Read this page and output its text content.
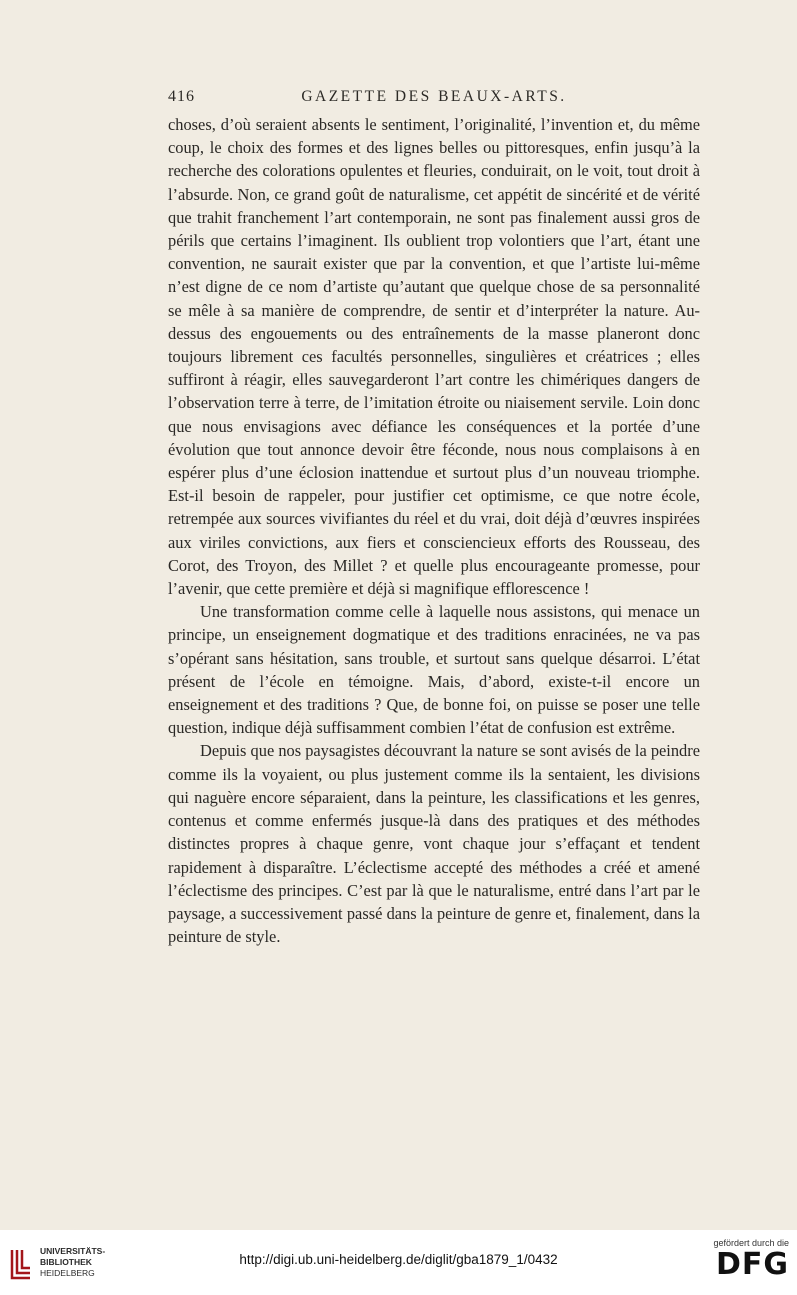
416	GAZETTE DES BEAUX-ARTS.

choses, d’où seraient absents le sentiment, l’originalité, l’invention et, du même coup, le choix des formes et des lignes belles ou pittoresques, enfin jusqu’à la recherche des colorations opulentes et fleuries, conduirait, on le voit, tout droit à l’absurde. Non, ce grand goût de naturalisme, cet appétit de sincérité et de vérité que trahit franchement l’art contemporain, ne sont pas finalement aussi gros de périls que certains l’imaginent. Ils oublient trop volontiers que l’art, étant une convention, ne saurait exister que par la convention, et que l’artiste lui-même n’est digne de ce nom d’artiste qu’autant que quelque chose de sa personnalité se mêle à sa manière de comprendre, de sentir et d’interpréter la nature. Au-dessus des engouements ou des entraînements de la masse planeront donc toujours librement ces facultés personnelles, singulières et créatrices ; elles suffiront à réagir, elles sauvegarderont l’art contre les chimériques dangers de l’observation terre à terre, de l’imitation étroite ou niaisement servile. Loin donc que nous envisagions avec défiance les conséquences et la portée d’une évolution que tout annonce devoir être féconde, nous nous complaisons à en espérer plus d’une éclosion inattendue et surtout plus d’un nouveau triomphe. Est-il besoin de rappeler, pour justifier cet optimisme, ce que notre école, retrempée aux sources vivifiantes du réel et du vrai, doit déjà d’œuvres inspirées aux viriles convictions, aux fiers et consciencieux efforts des Rousseau, des Corot, des Troyon, des Millet ? et quelle plus encourageante promesse, pour l’avenir, que cette première et déjà si magnifique efflorescence !

Une transformation comme celle à laquelle nous assistons, qui menace un principe, un enseignement dogmatique et des traditions enracinées, ne va pas s’opérant sans hésitation, sans trouble, et surtout sans quelque désarroi. L’état présent de l’école en témoigne. Mais, d’abord, existe-t-il encore un enseignement et des traditions ? Que, de bonne foi, on puisse se poser une telle question, indique déjà suffisamment combien l’état de confusion est extrême.

Depuis que nos paysagistes découvrant la nature se sont avisés de la peindre comme ils la voyaient, ou plus justement comme ils la sentaient, les divisions qui naguère encore séparaient, dans la peinture, les classifications et les genres, contenus et comme enfermés jusque-là dans des pratiques et des méthodes distinctes propres à chaque genre, vont chaque jour s’effaçant et tendent rapidement à disparaître. L’éclectisme accepté des méthodes a créé et amené l’éclectisme des principes. C’est par là que le naturalisme, entré dans l’art par le paysage, a successivement passé dans la peinture de genre et, finalement, dans la peinture de style.

UNIVERSITÄTS-
BIBLIOTHEK
HEIDELBERG
http://digi.ub.uni-heidelberg.de/diglit/gba1879_1/0432
gefördert durch die
DFG
